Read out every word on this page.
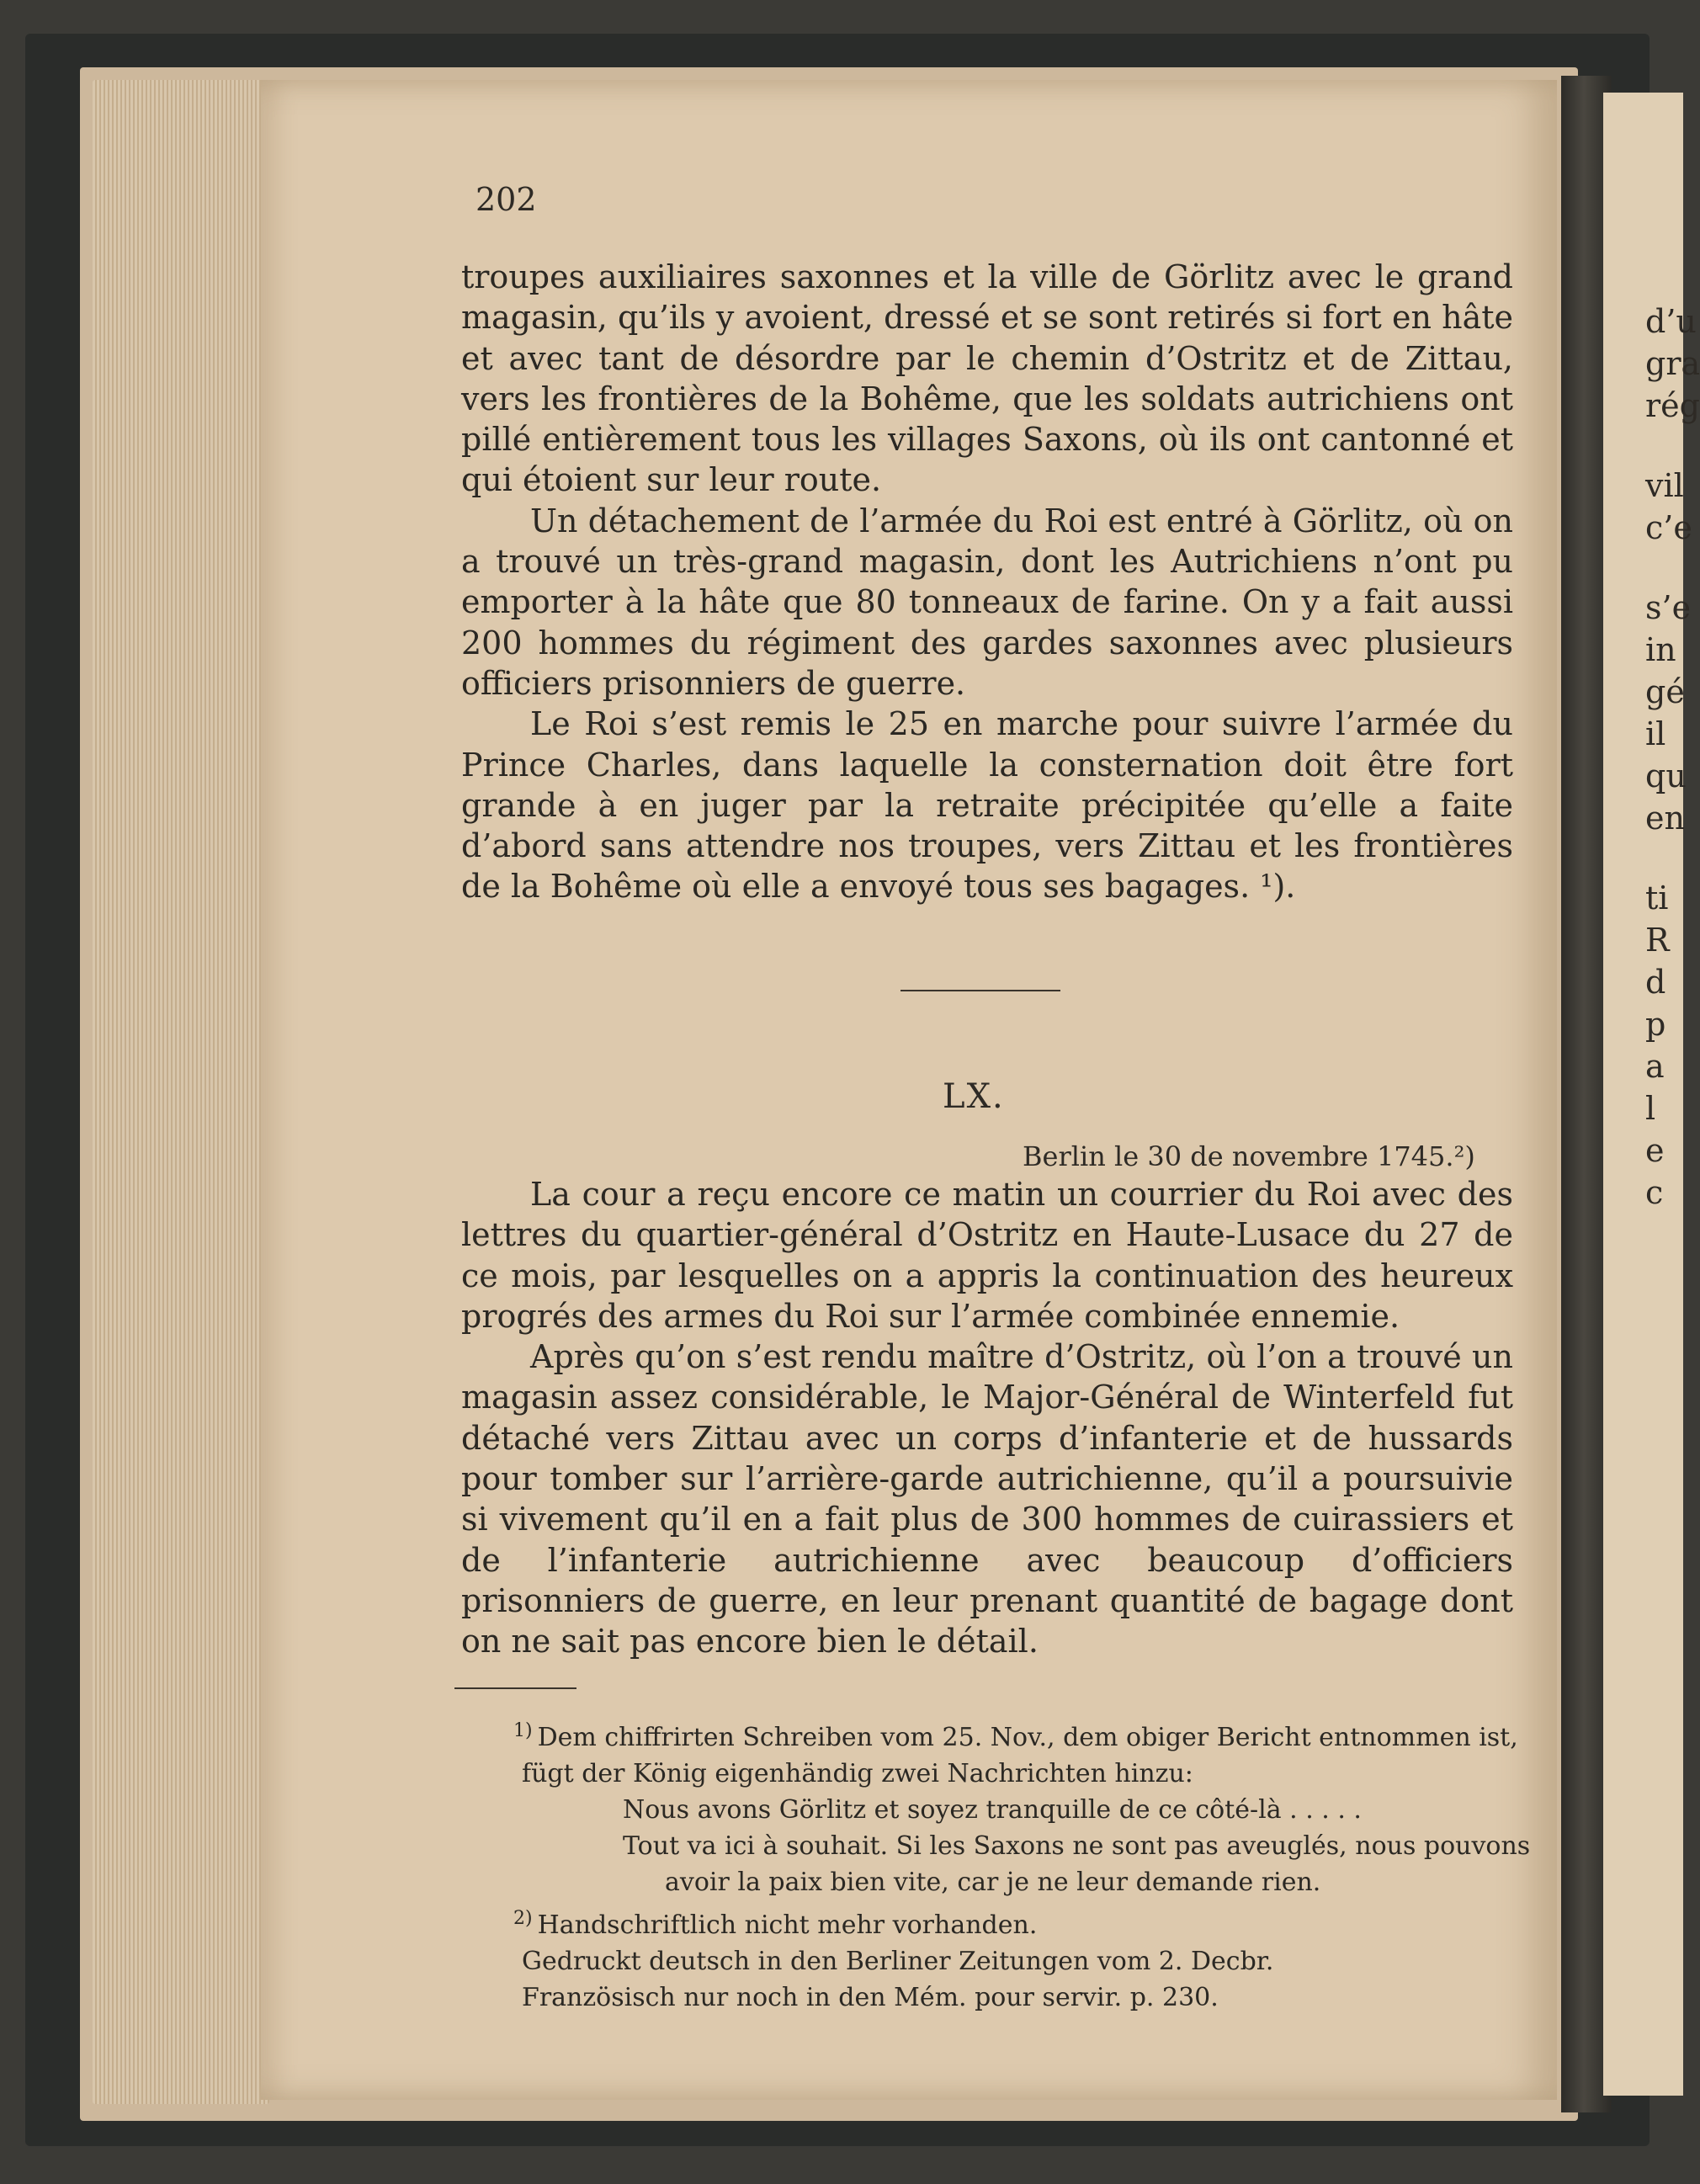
202

troupes auxiliaires saxonnes et la ville de Görlitz avec le grand magasin, qu’ils y avoient, dressé et se sont retirés si fort en hâte et avec tant de désordre par le chemin d’Ostritz et de Zittau, vers les frontières de la Bohême, que les soldats autrichiens ont pillé entièrement tous les villages Saxons, où ils ont cantonné et qui étoient sur leur route.

Un détachement de l’armée du Roi est entré à Görlitz, où on a trouvé un très-grand magasin, dont les Autrichiens n’ont pu emporter à la hâte que 80 tonneaux de farine. On y a fait aussi 200 hommes du régiment des gardes saxonnes avec plusieurs officiers prisonniers de guerre.

Le Roi s’est remis le 25 en marche pour suivre l’armée du Prince Charles, dans laquelle la consternation doit être fort grande à en juger par la retraite précipitée qu’elle a faite d’abord sans attendre nos troupes, vers Zittau et les frontières de la Bohême où elle a envoyé tous ses bagages. ¹).

LX.
Berlin le 30 de novembre 1745.²)

La cour a reçu encore ce matin un courrier du Roi avec des lettres du quartier-général d’Ostritz en Haute-Lusace du 27 de ce mois, par lesquelles on a appris la continuation des heureux progrés des armes du Roi sur l’armée combinée ennemie.

Après qu’on s’est rendu maître d’Ostritz, où l’on a trouvé un magasin assez considérable, le Major-Général de Winterfeld fut détaché vers Zittau avec un corps d’infanterie et de hussards pour tomber sur l’arrière-garde autrichienne, qu’il a poursuivie si vivement qu’il en a fait plus de 300 hommes de cuirassiers et de l’infanterie autrichienne avec beaucoup d’officiers prisonniers de guerre, en leur prenant quantité de bagage dont on ne sait pas encore bien le détail.

$^{1)}$ Dem chiffrirten Schreiben vom 25. Nov., dem obiger Bericht entnommen ist,
fügt der König eigenhändig zwei Nachrichten hinzu:
Nous avons Görlitz et soyez tranquille de ce côté-là . . . . .
Tout va ici à souhait. Si les Saxons ne sont pas aveuglés, nous pouvons
avoir la paix bien vite, car je ne leur demande rien.
$^{2)}$ Handschriftlich nicht mehr vorhanden.
Gedruckt deutsch in den Berliner Zeitungen vom 2. Decbr.
Französisch nur noch in den Mém. pour servir. p. 230.
d’u
gra
rég
vil
c’e
s’e
in
gé
il
qu
en
ti
R
d
p
a
l
e
c
